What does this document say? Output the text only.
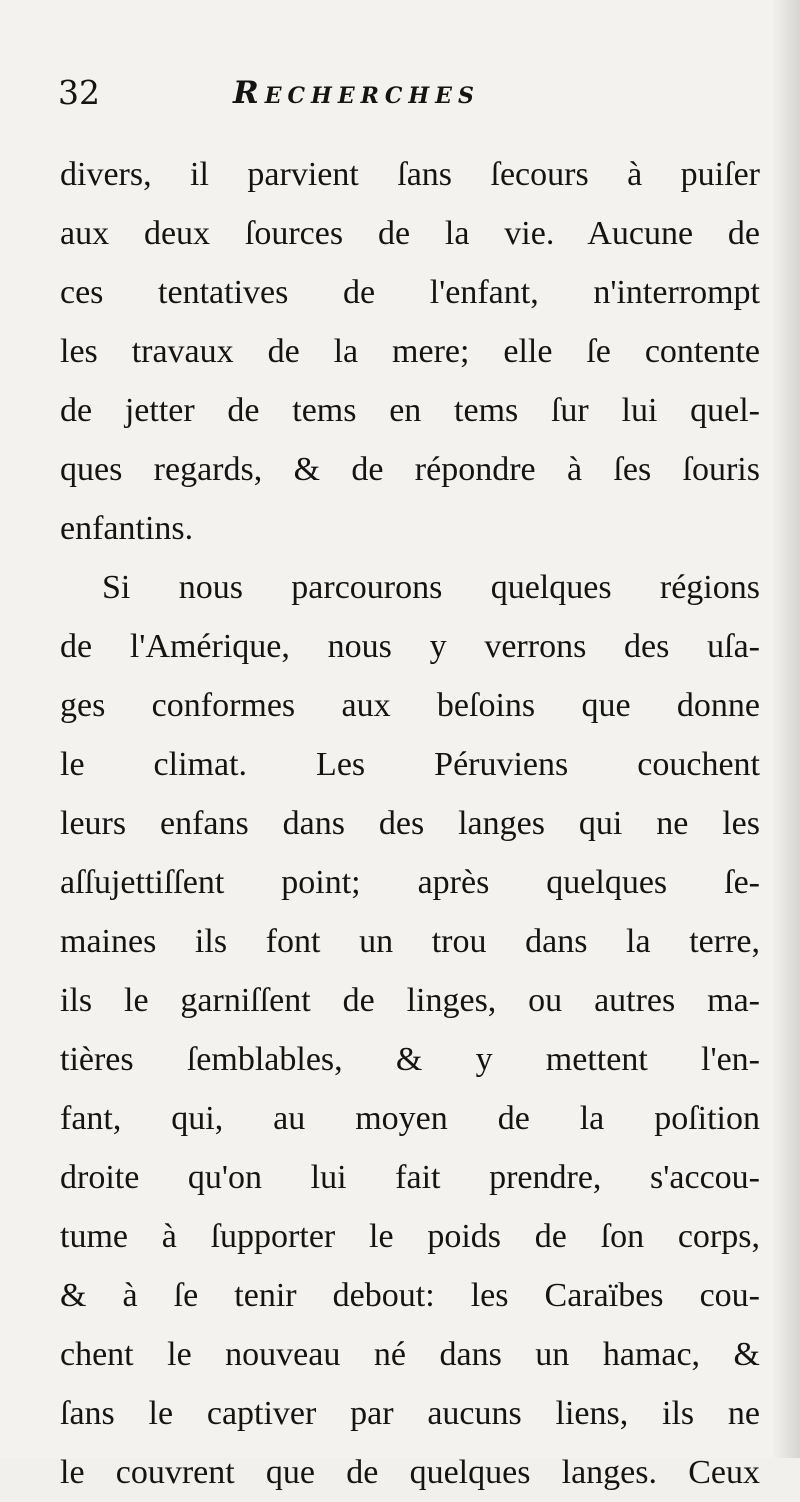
32	Recherches
divers, il parvient ſans ſecours à puiſer
aux deux ſources de la vie. Aucune de
ces tentatives de l'enfant, n'interrompt
les travaux de la mere; elle ſe contente
de jetter de tems en tems ſur lui quel-
ques regards, & de répondre à ſes ſouris
enfantins.
Si nous parcourons quelques régions
de l'Amérique, nous y verrons des uſa-
ges conformes aux beſoins que donne
le climat. Les Péruviens couchent
leurs enfans dans des langes qui ne les
aſſujettiſſent point; après quelques ſe-
maines ils font un trou dans la terre,
ils le garniſſent de linges, ou autres ma-
tières ſemblables, & y mettent l'en-
fant, qui, au moyen de la poſition
droite qu'on lui fait prendre, s'accou-
tume à ſupporter le poids de ſon corps,
& à ſe tenir debout: les Caraïbes cou-
chent le nouveau né dans un hamac, &
ſans le captiver par aucuns liens, ils ne
le couvrent que de quelques langes. Ceux
